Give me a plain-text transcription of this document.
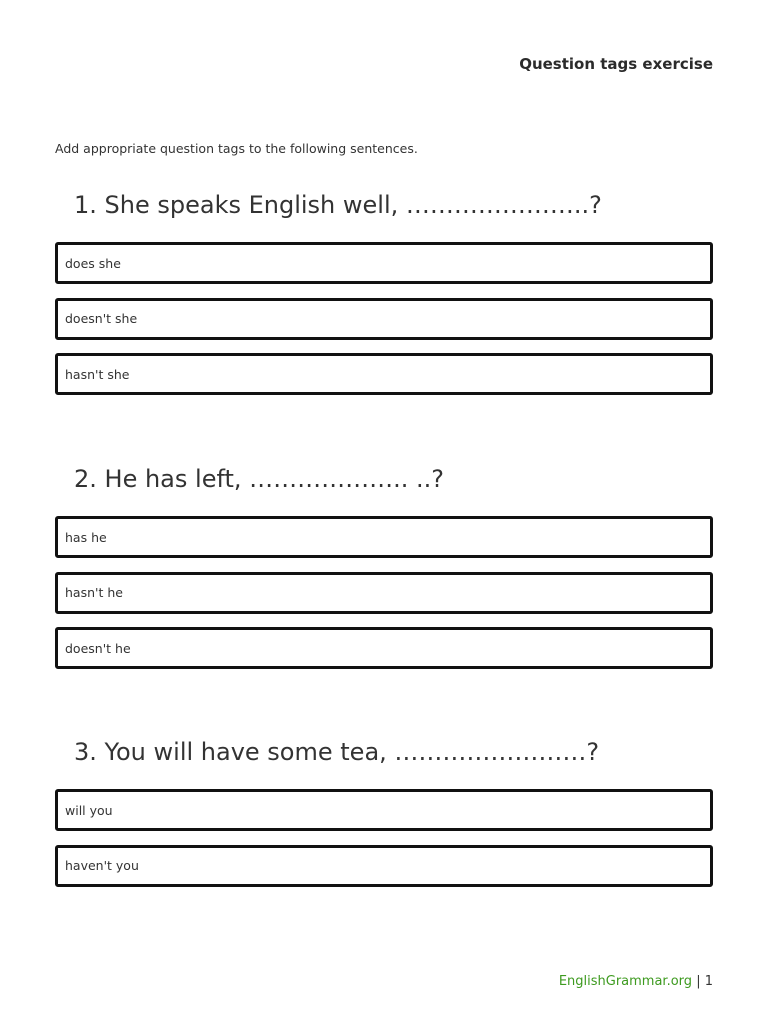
Question tags exercise
Add appropriate question tags to the following sentences.
1. She speaks English well, …………………..?
does she
doesn't she
hasn't she
2. He has left, ……………….. ..?
has he
hasn't he
doesn't he
3. You will have some tea, ……………………?
will you
haven't you
EnglishGrammar.org | 1
